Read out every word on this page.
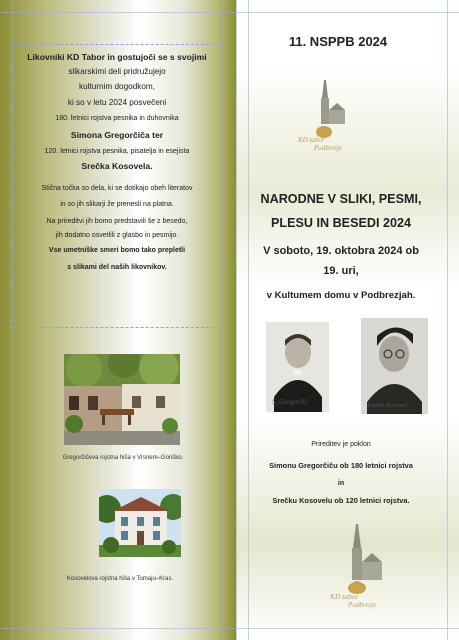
Likovniki KD Tabor in gostujoči se s svojimi
slikarskimi deli pridružujejo
kulturnim dogodkom,
ki so v letu 2024 posvečeni
180. letnici rojstva pesnika in duhovnika
Simona Gregorčiča ter
120. letnici rojstva pesnika, pisatelja in esejista
Srečka Kosovela.
Stična točka so dela, ki se dotikajo obeh literatov
in so jih slikarji že prenesli na platna.
Na prireditvi jih bomo predstavili še z besedo,
jih dodatno osvetlili z glasbo in pesmijo.
Vse umetniške smeri bomo tako prepletli
s slikami del naših likovnikov.
Gregorčičeva rojstna hiša v Vrsnem–Goriško.
Kosovelova rojstna hiša v Tomaju–Kras.
11. NSPPB 2024
KD tabor
Podbrezje
NARODNE V SLIKI, PESMI,
PLESU IN BESEDI 2024
V soboto, 19. oktobra 2024 ob
19. uri,
v Kultumem domu v Podbrezjah.
S. Gregorčič	Srečko Kosovel
Prireditev je poklon
Simonu Gregorčiču ob 180 letnici rojstva
in
Srečku Kosovelu ob 120 letnici rojstva.
KD tabor
Podbrezje
